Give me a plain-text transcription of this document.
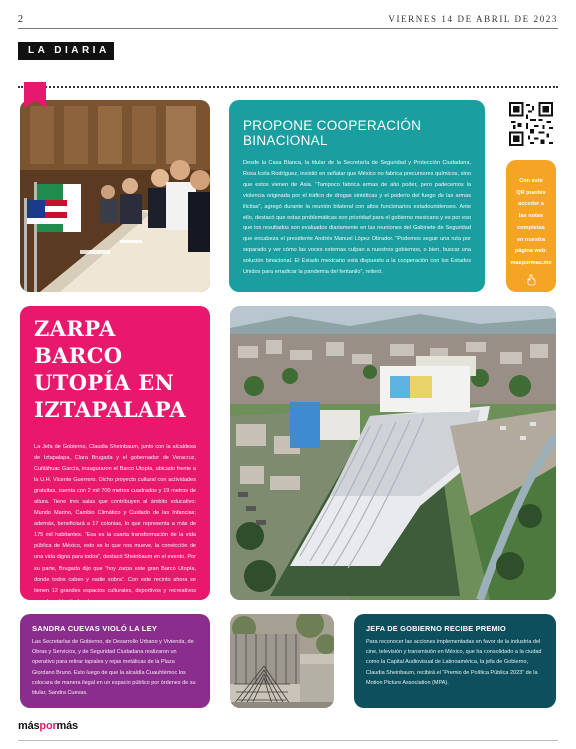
2	VIERNES 14 DE ABRIL DE 2023
LA DIARIA
PROPONE COOPERACIÓN BINACIONAL

Desde la Casa Blanca, la titular de la Secretaría de Seguridad y Protección Ciudadana, Rosa Icela Rodríguez, insistió en señalar que México no fabrica precursores químicos, sino que estos vienen de Asia. “Tampoco fabrica armas de alto poder, pero padecemos la violencia originada por el tráfico de drogas sintéticas y el poderío del fuego de las armas ilícitas”, agregó durante la reunión bilateral con altos funcionarios estadounidenses. Ante ello, destacó que estas problemáticas son prioridad para el gobierno mexicano y es por eso que los resultados son evaluados diariamente en las reuniones del Gabinete de Seguridad que encabeza el presidente Andrés Manuel López Obrador. “Podemos seguir una ruta por separado y ver cómo las voces externas culpan a nuestros gobiernos, o bien, buscar una solución binacional. El Estado mexicano está dispuesto a la cooperación con los Estados Unidos para erradicar la pandemia del fentanilo”, reiteró.

Con este
QR puedes
acceder a
las notas
completas
en nuestra
página web:
maspormas.mx
ZARPA BARCO
UTOPÍA EN
IZTAPALAPA

La Jefa de Gobierno, Claudia Sheinbaum, junto con la alcaldesa de Iztapalapa, Clara Brugada y el gobernador de Veracruz, Cuitláhuac García, inauguraron el Barco Utopía, ubicado frente a la U.H. Vicente Guerrero. Dicho proyecto cultural con actividades gratuitas, cuenta con 2 mil 700 metros cuadrados y 19 metros de altura. Tiene tres salas que contribuyen al ámbito educativo: Mundo Marino, Cambio Climático y Cuidado de las Infancias; además, beneficiará a 17 colonias, lo que representa a más de 175 mil habitantes. “Esa es la cuarta transformación de la vida pública de México, esto es lo que nos mueve, la convicción de una vida digna para todos”, destacó Sheinbaum en el evento. Por su parte, Brugada dijo que “hoy zarpa este gran Barco Utopía, donde todos caben y nadie sobra”. Con este recinto ahora se tienen 12 grandes espacios culturales, deportivos y recreativos para la población local.

SANDRA CUEVAS VIOLÓ LA LEY

Las Secretarías de Gobierno, de Desarrollo Urbano y Vivienda, de Obras y Servicios, y de Seguridad Ciudadana realizaron un operativo para retirar tapiales y rejas metálicas de la Plaza Giordano Bruno. Esto luego de que la alcaldía Cuauhtémoc los colocara de manera ilegal en un espacio público por órdenes de su titular, Sandra Cuevas.

JEFA DE GOBIERNO RECIBE PREMIO

Para reconocer las acciones implementadas en favor de la industria del cine, televisión y transmisión en México, que ha consolidado a la ciudad como la Capital Audiovisual de Latinoamérica, la jefa de Gobierno, Claudia Sheinbaum, recibirá el “Premio de Política Pública 2023” de la Motion Picture Association (MPA).

máspormás
